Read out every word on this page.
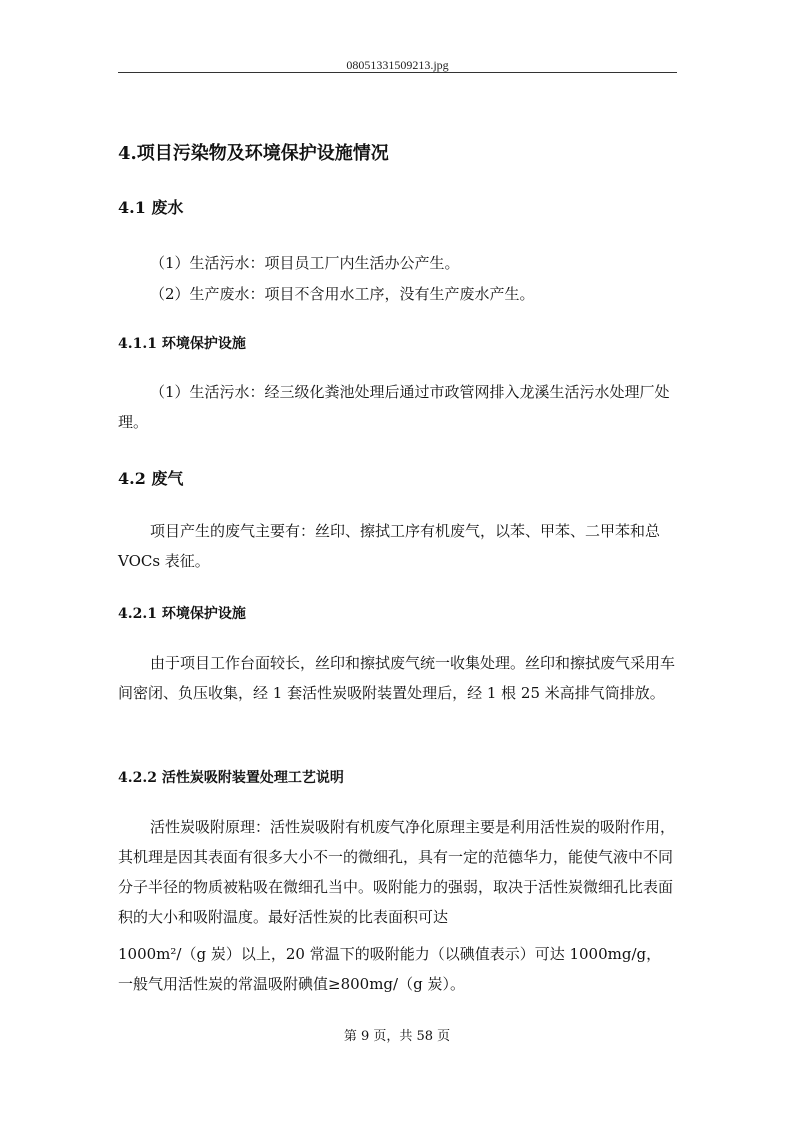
08051331509213.jpg
4.项目污染物及环境保护设施情况
4.1 废水
（1）生活污水：项目员工厂内生活办公产生。
（2）生产废水：项目不含用水工序，没有生产废水产生。
4.1.1 环境保护设施

（1）生活污水：经三级化粪池处理后通过市政管网排入龙溪生活污水处理厂处理。

4.2 废气

项目产生的废气主要有：丝印、擦拭工序有机废气，以苯、甲苯、二甲苯和总 VOCs 表征。

4.2.1 环境保护设施

由于项目工作台面较长，丝印和擦拭废气统一收集处理。丝印和擦拭废气采用车间密闭、负压收集，经 1 套活性炭吸附装置处理后，经 1 根 25 米高排气筒排放。

4.2.2 活性炭吸附装置处理工艺说明

活性炭吸附原理：活性炭吸附有机废气净化原理主要是利用活性炭的吸附作用，其机理是因其表面有很多大小不一的微细孔，具有一定的范德华力，能使气液中不同分子半径的物质被粘吸在微细孔当中。吸附能力的强弱，取决于活性炭微细孔比表面积的大小和吸附温度。最好活性炭的比表面积可达

1000m²/（g 炭）以上，20 常温下的吸附能力（以碘值表示）可达 1000mg/g，
一般气用活性炭的常温吸附碘值≥800mg/（g 炭）。
第 9 页，共 58 页
